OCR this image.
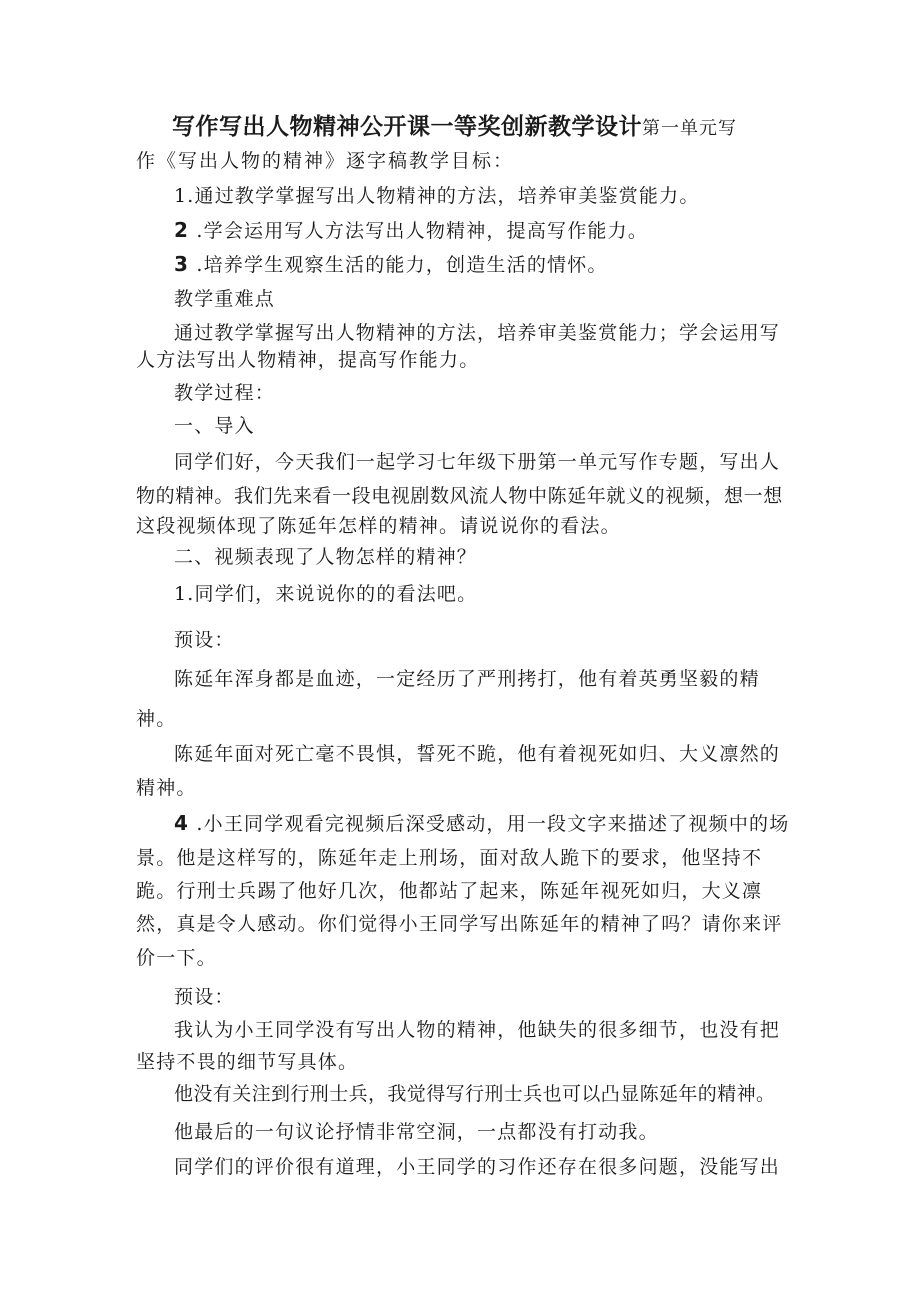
写作写出人物精神公开课一等奖创新教学设计第一单元写
作《写出人物的精神》逐字稿教学目标：
1.通过教学掌握写出人物精神的方法，培养审美鉴赏能力。
2 .学会运用写人方法写出人物精神，提高写作能力。
3 .培养学生观察生活的能力，创造生活的情怀。
教学重难点
通过教学掌握写出人物精神的方法，培养审美鉴赏能力；学会运用写
人方法写出人物精神，提高写作能力。
教学过程：
一、导入
同学们好，今天我们一起学习七年级下册第一单元写作专题，写出人
物的精神。我们先来看一段电视剧数风流人物中陈延年就义的视频，想一想
这段视频体现了陈延年怎样的精神。请说说你的看法。
二、视频表现了人物怎样的精神？
1.同学们，来说说你的的看法吧。
预设：
陈延年浑身都是血迹，一定经历了严刑拷打，他有着英勇坚毅的精
神。
陈延年面对死亡毫不畏惧，誓死不跪，他有着视死如归、大义凛然的
精神。
4 .小王同学观看完视频后深受感动，用一段文字来描述了视频中的场
景。他是这样写的，陈延年走上刑场，面对敌人跪下的要求，他坚持不
跪。行刑士兵踢了他好几次，他都站了起来，陈延年视死如归，大义凛
然，真是令人感动。你们觉得小王同学写出陈延年的精神了吗？请你来评
价一下。
预设：
我认为小王同学没有写出人物的精神，他缺失的很多细节，也没有把
坚持不畏的细节写具体。
他没有关注到行刑士兵，我觉得写行刑士兵也可以凸显陈延年的精神。
他最后的一句议论抒情非常空洞，一点都没有打动我。
同学们的评价很有道理，小王同学的习作还存在很多问题，没能写出
